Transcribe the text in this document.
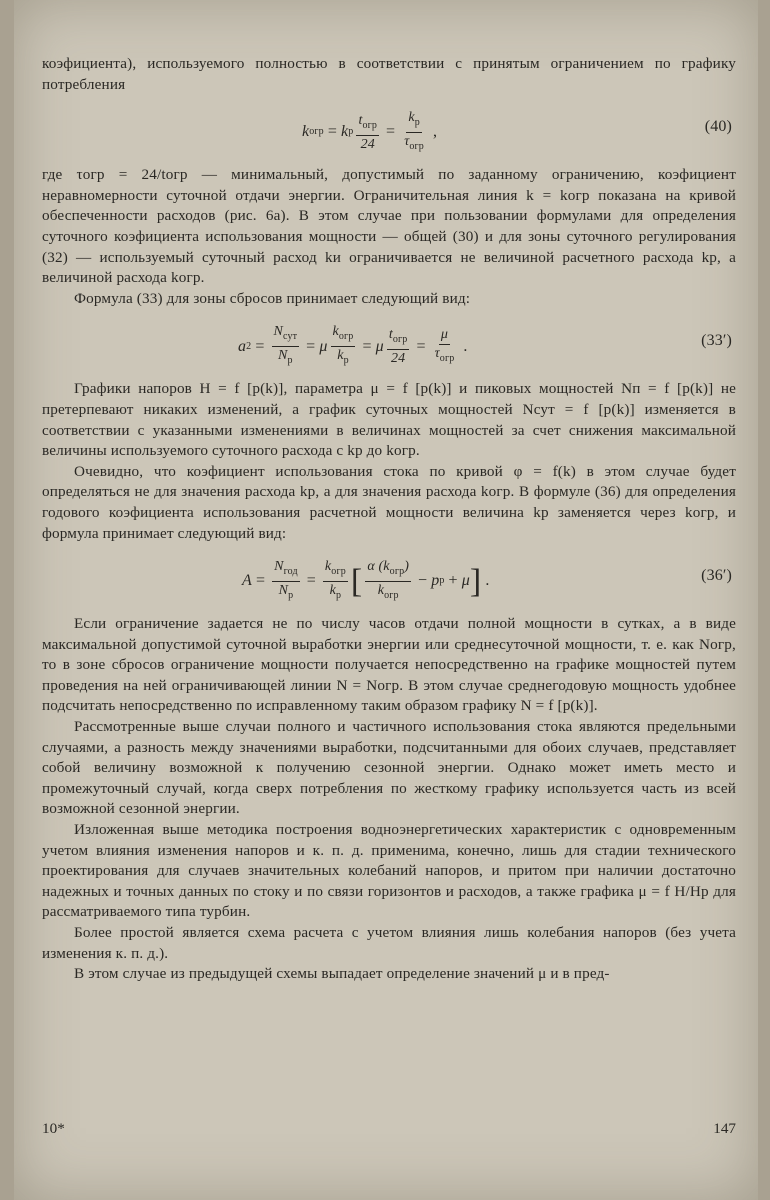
коэфициента), используемого полностью в соответствии с принятым ограничением по графику потребления

k огр = k р $\frac{t_{огр}}{24} = \frac{k_р}{\tau_{огр}}$ ,	(40)

где τогр = 24/tогр — минимальный, допустимый по заданному ограничению, коэфициент неравномерности суточной отдачи энергии. Ограничительная линия k = kогр показана на кривой обеспеченности расходов (рис. 6a). В этом случае при пользовании формулами для определения суточного коэфициента использования мощности — общей (30) и для зоны суточного регулирования (32) — используемый суточный расход kи ограничивается не величиной расчетного расхода kр, а величиной расхода kогр.

Формула (33) для зоны сбросов принимает следующий вид:

a $2 = \frac{N_{сут}}{N_р} = \mu \frac{k_{огр}}{k_р} = \mu \frac{t_{огр}}{24} = \frac{\mu}{\tau_{огр}}$ .	(33′)

Графики напоров H = f [p(k)], параметра μ = f [p(k)] и пиковых мощностей Nп = f [p(k)] не претерпевают никаких изменений, а график суточных мощностей Nсут = f [p(k)] изменяется в соответствии с указанными изменениями в величинах мощностей за счет снижения максимальной величины используемого суточного расхода с kр до kогр.

Очевидно, что коэфициент использования стока по кривой φ = f(k) в этом случае будет определяться не для значения расхода kр, а для значения расхода kогр. В формуле (36) для определения годового коэфициента использования расчетной мощности величина kр заменяется через kогр, и формула принимает следующий вид:

$A = \frac{N_{год}}{N_р} = \frac{k_{огр}}{k_р}$ [ $\frac{\alpha (k_{огр})}{k_{огр}} - p$ р + μ ] .	(36′)

Если ограничение задается не по числу часов отдачи полной мощности в сутках, а в виде максимальной допустимой суточной выработки энергии или среднесуточной мощности, т. е. как Nогр, то в зоне сбросов ограничение мощности получается непосредственно на графике мощностей путем проведения на ней ограничивающей линии N = Nогр. В этом случае среднегодовую мощность удобнее подсчитать непосредственно по исправленному таким образом графику N = f [p(k)].

Рассмотренные выше случаи полного и частичного использования стока являются предельными случаями, а разность между значениями выработки, подсчитанными для обоих случаев, представляет собой величину возможной к получению сезонной энергии. Однако может иметь место и промежуточный случай, когда сверх потребления по жесткому графику используется часть из всей возможной сезонной энергии.

Изложенная выше методика построения водноэнергетических характеристик с одновременным учетом влияния изменения напоров и к. п. д. применима, конечно, лишь для стадии технического проектирования для случаев значительных колебаний напоров, и притом при наличии достаточно надежных и точных данных по стоку и по связи горизонтов и расходов, а также графика μ = f H/Hр для рассматриваемого типа турбин.

Более простой является схема расчета с учетом влияния лишь колебания напоров (без учета изменения к. п. д.).

В этом случае из предыдущей схемы выпадает определение значений μ и в пред-

10*	147
